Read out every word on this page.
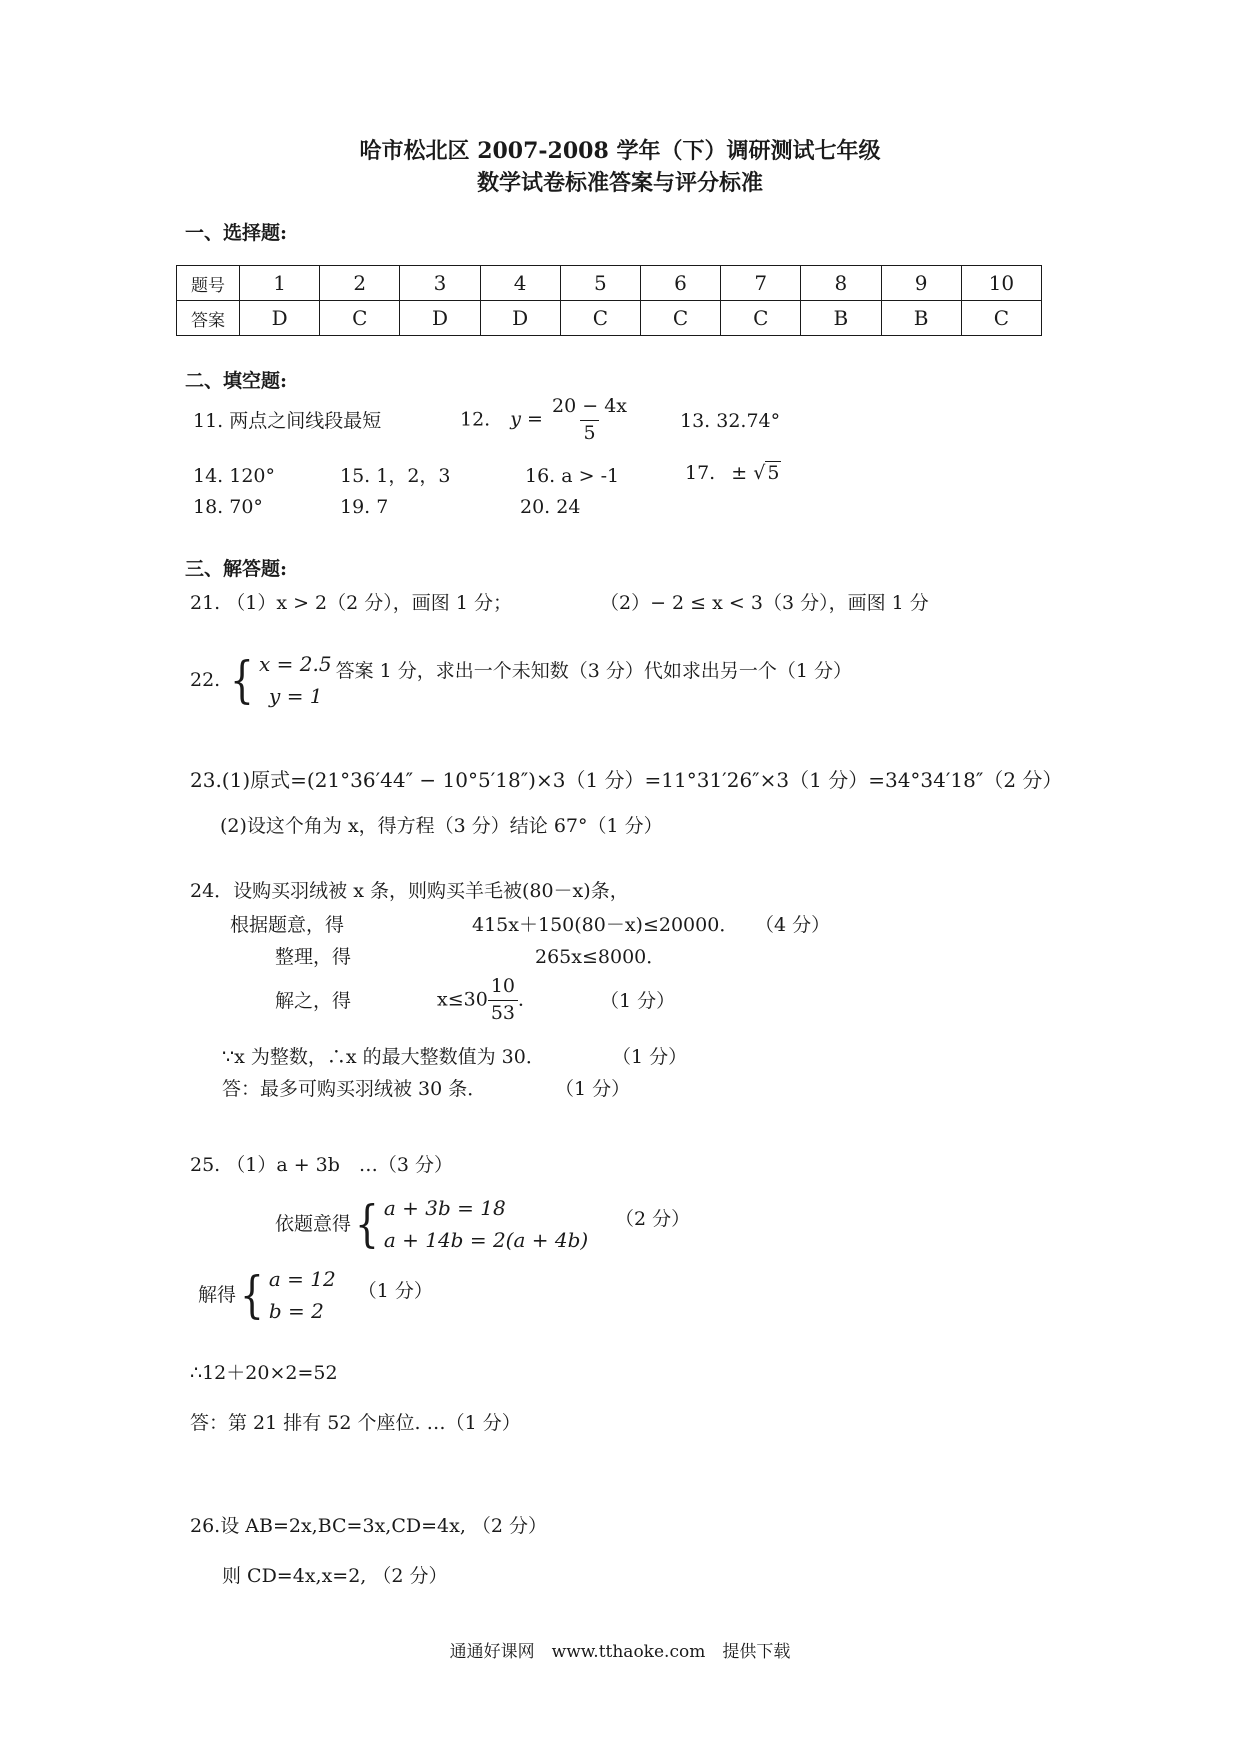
哈市松北区 2007-2008 学年（下）调研测试七年级
数学试卷标准答案与评分标准
一、选择题:
题号	1	2	3	4	5	6	7	8	9	10
答案	D	C	D	D	C	C	C	B	B	C
二、填空题:
11. 两点之间线段最短	12. $y = \frac{20 - 4x}{5}$	13. 32.74°
14. 120°	15. 1，2，3	16. a > -1	17. ± √ 5
18. 70°	19. 7	20. 24
三、解答题:
21. （1）x > 2（2 分），画图 1 分；	（2）− 2 ≤ x < 3（3 分），画图 1 分
22. { x = 2.5
y = 1
答案 1 分，求出一个未知数（3 分）代如求出另一个（1 分）
23.(1)原式=(21°36′44″ − 10°5′18″)×3（1 分）=11°31′26″×3（1 分）=34°34′18″（2 分）
(2)设这个角为 x，得方程（3 分）结论 67°（1 分）
24．设购买羽绒被 x 条，则购买羊毛被(80－x)条，
根据题意，得	415x＋150(80－x)≤20000． （4 分）
整理，得	265x≤8000．
解之，得	$x\le 30 \frac{10}{53}$ ．	（1 分）
∵x 为整数，∴x 的最大整数值为 30．	（1 分）
答：最多可购买羽绒被 30 条．	（1 分）
25. （1）a + 3b　…（3 分）
依题意得 { a + 3b = 18
a + 14b = 2(a + 4b)
（2 分）
解得 { a = 12
b = 2
（1 分）
∴12＋20×2=52
答：第 21 排有 52 个座位. …（1 分）
26.设 AB=2x,BC=3x,CD=4x, （2 分）
则 CD=4x,x=2, （2 分）
通通好课网　www.tthaoke.com　提供下载
